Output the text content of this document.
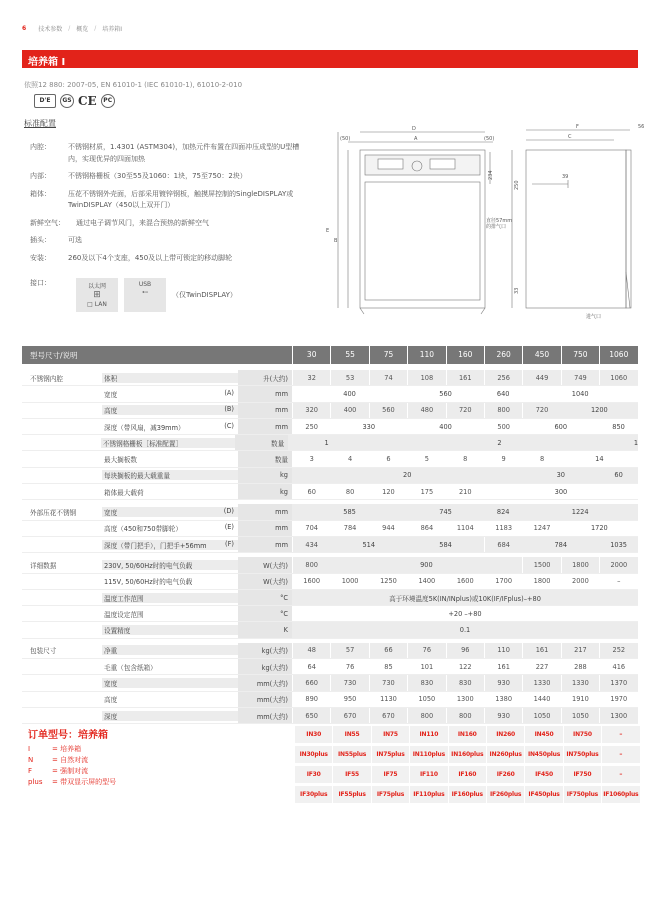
6 技术参数 / 概览 / 培养箱I
培养箱 I
依照12 880: 2007-05, EN 61010-1 (IEC 61010-1), 61010-2-010
D'E	GS CE	PC
标准配置
内腔：	不锈钢材质，1.4301 (ASTM304)，加热元件布置在四面冲压成型的U型槽内，实现优异的四面加热
内部：	不锈钢格栅板（30至55及1060：1块，75至750：2块）
箱体：	压花不锈钢外壳面，后部采用镀锌钢板，触摸屏控制的SingleDISPLAY或TwinDISPLAY（450以上双开门）
新鲜空气：	通过电子调节风门，来混合预热的新鲜空气
插头：	可选
安装：	260及以下4个支座，450及以上带可锁定的移动脚轮
接口：	以太网
⊞
□ LAN
USB
⭪	（仅TwinDISPLAY）
D
A
(50)	(50)
E
B
234
F
C
56
250
39
33
直径57mm
的排气口
进气口
型号尺寸/说明	30	55	75	110	160	260	450	750	1060
不锈钢内腔	体积	升(大约)	32	53	74	108	161	256	449	749	1060
宽度	(A)	mm	400	560	640	1040
高度	(B)	mm	320	400	560	480	720	800	720	1200
深度（带风扇，减39mm）	(C)	mm	250	330	400	500	600	850
不锈钢格栅板［标准配置］	数量	1	2	1
最大搁板数	数量	3	4	6	5	8	9	8	14
每块搁板的最大载重量	kg	20	30	60
箱体最大载荷	kg	60	80	120	175	210	300
外部压花不锈钢	宽度	(D)	mm	585	745	824	1224
高度（450和750带脚轮）	(E)	mm	704	784	944	864	1104	1183	1247	1720
深度（带门把手），门把手+56mm	(F)	mm	434	514	584	684	784	1035
详细数据	230V, 50/60Hz时的电气负载	W(大约)	800	900	1500	1800	2000
115V, 50/60Hz时的电气负载	W(大约)	1600	1000	1250	1400	1600	1700	1800	2000	–
温度工作范围	°C	高于环境温度5K(IN/INplus)或10K(IF/IFplus)–+80
温度设定范围	°C	+20 –+80
设置精度	K	0.1
包装尺寸	净重	kg(大约)	48	57	66	76	96	110	161	217	252
毛重（包含纸箱）	kg(大约)	64	76	85	101	122	161	227	288	416
宽度	mm(大约)	660	730	730	830	830	930	1330	1330	1370
高度	mm(大约)	890	950	1130	1050	1300	1380	1440	1910	1970
深度	mm(大约)	650	670	670	800	800	930	1050	1050	1300
订单型号：培养箱
I	= 培养箱
N	= 自然对流
F	= 强制对流
plus	= 带双显示屏的型号
IN30	IN55	IN75	IN110	IN160	IN260	IN450	IN750	–
IN30plus	IN55plus	IN75plus	IN110plus	IN160plus	IN260plus	IN450plus	IN750plus	–
IF30	IF55	IF75	IF110	IF160	IF260	IF450	IF750	–
IF30plus	IF55plus	IF75plus	IF110plus	IF160plus	IF260plus	IF450plus	IF750plus IF1060plus
